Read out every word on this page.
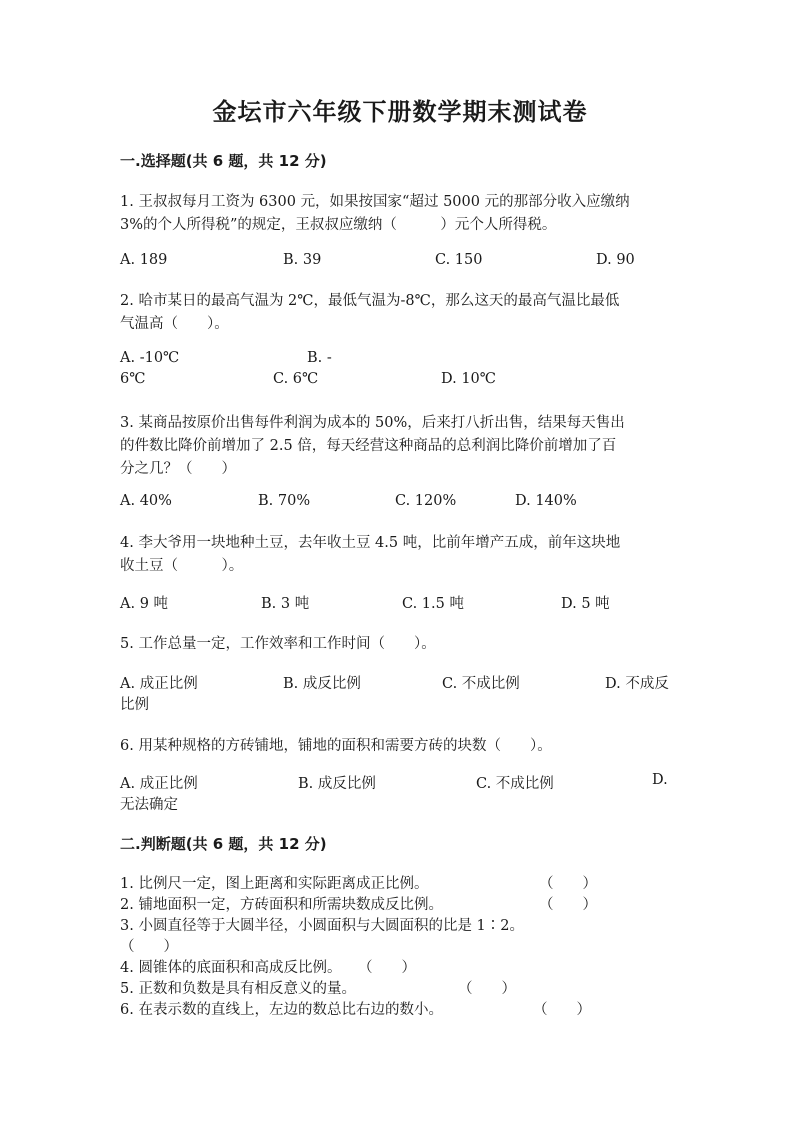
金坛市六年级下册数学期末测试卷
一.选择题(共 6 题，共 12 分)
1. 王叔叔每月工资为 6300 元，如果按国家“超过 5000 元的那部分收入应缴纳
3%的个人所得税”的规定，王叔叔应缴纳（　　　）元个人所得税。
A. 189	B. 39	C. 150	D. 90
2. 哈市某日的最高气温为 2℃，最低气温为-8℃，那么这天的最高气温比最低
气温高（　　）。
A. -10℃	B. -
6℃	C. 6℃	D. 10℃
3. 某商品按原价出售每件利润为成本的 50%，后来打八折出售，结果每天售出
的件数比降价前增加了 2.5 倍，每天经营这种商品的总利润比降价前增加了百
分之几？（　　）
A. 40%	B. 70%	C. 120%	D. 140%
4. 李大爷用一块地种土豆，去年收土豆 4.5 吨，比前年增产五成，前年这块地
收土豆（　　　）。
A. 9 吨	B. 3 吨	C. 1.5 吨	D. 5 吨
5. 工作总量一定，工作效率和工作时间（　　）。
A. 成正比例	B. 成反比例	C. 不成比例	D. 不成反
比例
6. 用某种规格的方砖铺地，铺地的面积和需要方砖的块数（　　）。
A. 成正比例	B. 成反比例	C. 不成比例	D.
无法确定
二.判断题(共 6 题，共 12 分)
1. 比例尺一定，图上距离和实际距离成正比例。	（　　）
2. 铺地面积一定，方砖面积和所需块数成反比例。	（　　）
3. 小圆直径等于大圆半径，小圆面积与大圆面积的比是 1∶2。
（　　）
4. 圆锥体的底面积和高成反比例。 （　　）
5. 正数和负数是具有相反意义的量。	（　　）
6. 在表示数的直线上，左边的数总比右边的数小。	（　　）
